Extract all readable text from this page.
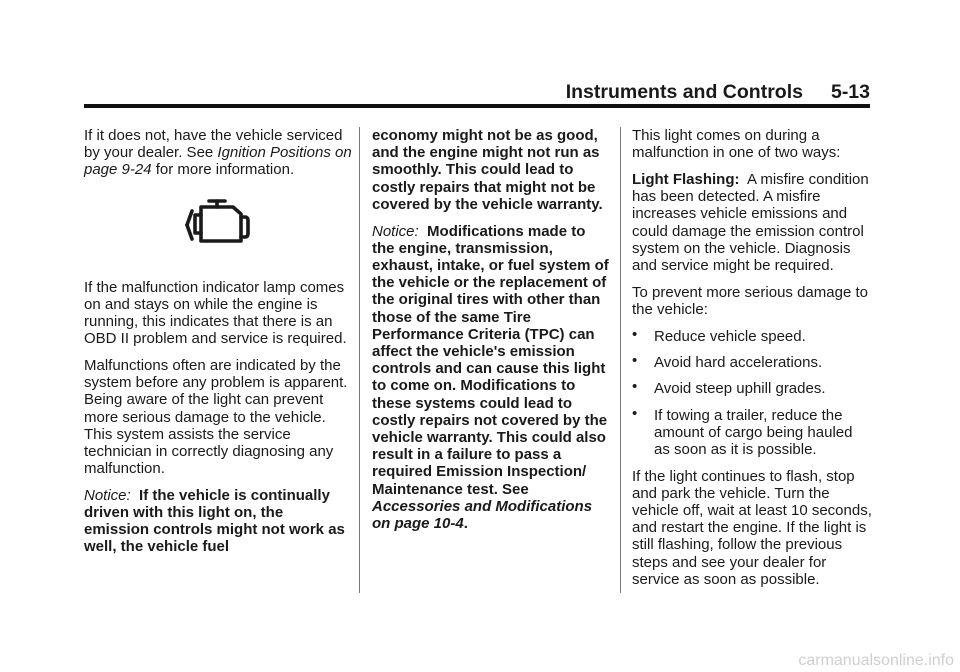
Instruments and Controls 5-13

If it does not, have the vehicle serviced by your dealer. See Ignition Positions on page 9-24 for more information.

If the malfunction indicator lamp comes on and stays on while the engine is running, this indicates that there is an OBD II problem and service is required.

Malfunctions often are indicated by the system before any problem is apparent. Being aware of the light can prevent more serious damage to the vehicle. This system assists the service technician in correctly diagnosing any malfunction.

Notice: If the vehicle is continually driven with this light on, the emission controls might not work as well, the vehicle fuel

economy might not be as good, and the engine might not run as smoothly. This could lead to costly repairs that might not be covered by the vehicle warranty.

Notice: Modifications made to the engine, transmission, exhaust, intake, or fuel system of the vehicle or the replacement of the original tires with other than those of the same Tire Performance Criteria (TPC) can affect the vehicle's emission controls and can cause this light to come on. Modifications to these systems could lead to costly repairs not covered by the vehicle warranty. This could also result in a failure to pass a required Emission Inspection/ Maintenance test. See
Accessories and Modifications on page 10-4.

This light comes on during a malfunction in one of two ways:

Light Flashing: A misfire condition has been detected. A misfire increases vehicle emissions and could damage the emission control system on the vehicle. Diagnosis and service might be required.

To prevent more serious damage to the vehicle:

• Reduce vehicle speed.
• Avoid hard accelerations.
• Avoid steep uphill grades.
• If towing a trailer, reduce the amount of cargo being hauled as soon as it is possible.

If the light continues to flash, stop and park the vehicle. Turn the vehicle off, wait at least 10 seconds, and restart the engine. If the light is still flashing, follow the previous steps and see your dealer for service as soon as possible.

carmanualsonline.info
